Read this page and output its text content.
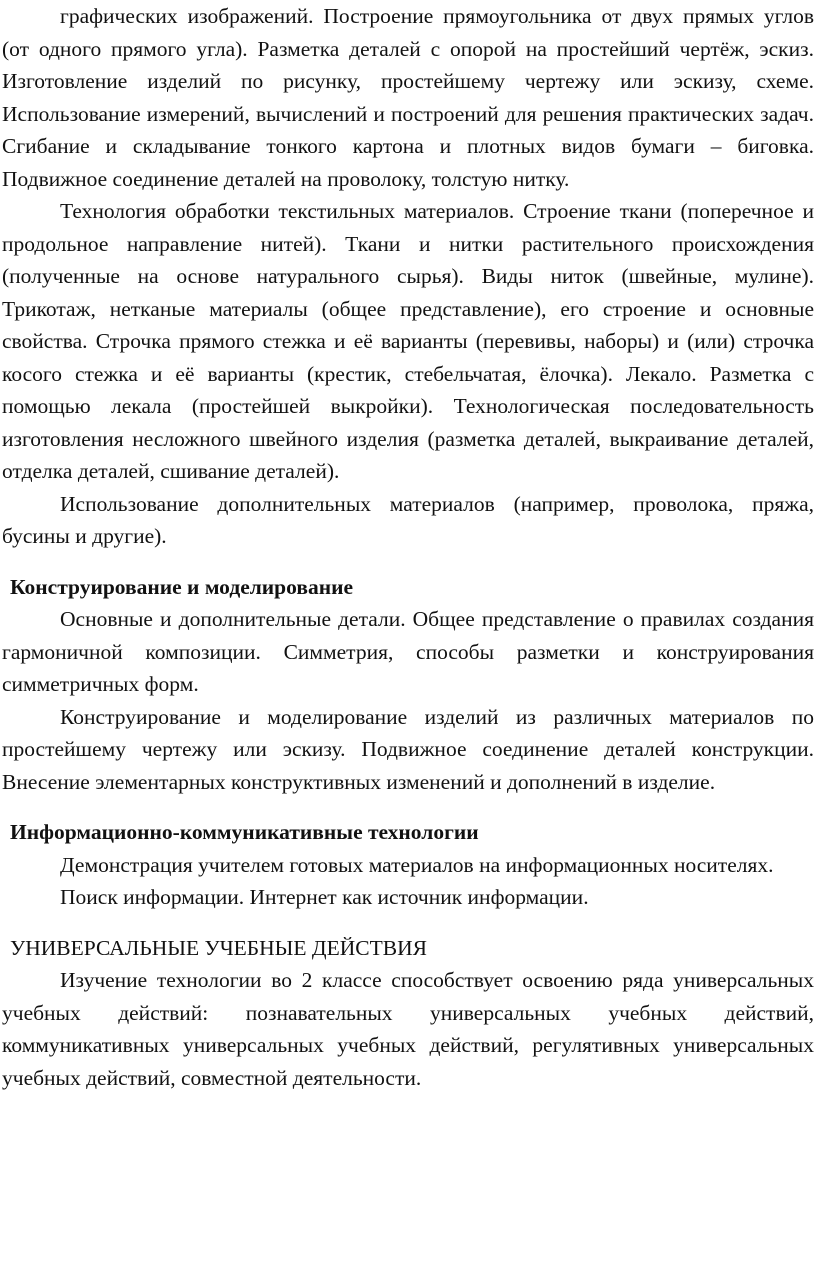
графических изображений. Построение прямоугольника от двух прямых углов (от одного прямого угла). Разметка деталей с опорой на простейший чертёж, эскиз. Изготовление изделий по рисунку, простейшему чертежу или эскизу, схеме. Использование измерений, вычислений и построений для решения практических задач. Сгибание и складывание тонкого картона и плотных видов бумаги – биговка. Подвижное соединение деталей на проволоку, толстую нитку.

Технология обработки текстильных материалов. Строение ткани (поперечное и продольное направление нитей). Ткани и нитки растительного происхождения (полученные на основе натурального сырья). Виды ниток (швейные, мулине). Трикотаж, нетканые материалы (общее представление), его строение и основные свойства. Строчка прямого стежка и её варианты (перевивы, наборы) и (или) строчка косого стежка и её варианты (крестик, стебельчатая, ёлочка). Лекало. Разметка с помощью лекала (простейшей выкройки). Технологическая последовательность изготовления несложного швейного изделия (разметка деталей, выкраивание деталей, отделка деталей, сшивание деталей).

Использование дополнительных материалов (например, проволока, пряжа, бусины и другие).

Конструирование и моделирование

Основные и дополнительные детали. Общее представление о правилах создания гармоничной композиции. Симметрия, способы разметки и конструирования симметричных форм.

Конструирование и моделирование изделий из различных материалов по простейшему чертежу или эскизу. Подвижное соединение деталей конструкции. Внесение элементарных конструктивных изменений и дополнений в изделие.

Информационно-коммуникативные технологии

Демонстрация учителем готовых материалов на информационных носителях.

Поиск информации. Интернет как источник информации.

УНИВЕРСАЛЬНЫЕ УЧЕБНЫЕ ДЕЙСТВИЯ

Изучение технологии во 2 классе способствует освоению ряда универсальных учебных действий: познавательных универсальных учебных действий, коммуникативных универсальных учебных действий, регулятивных универсальных учебных действий, совместной деятельности.
